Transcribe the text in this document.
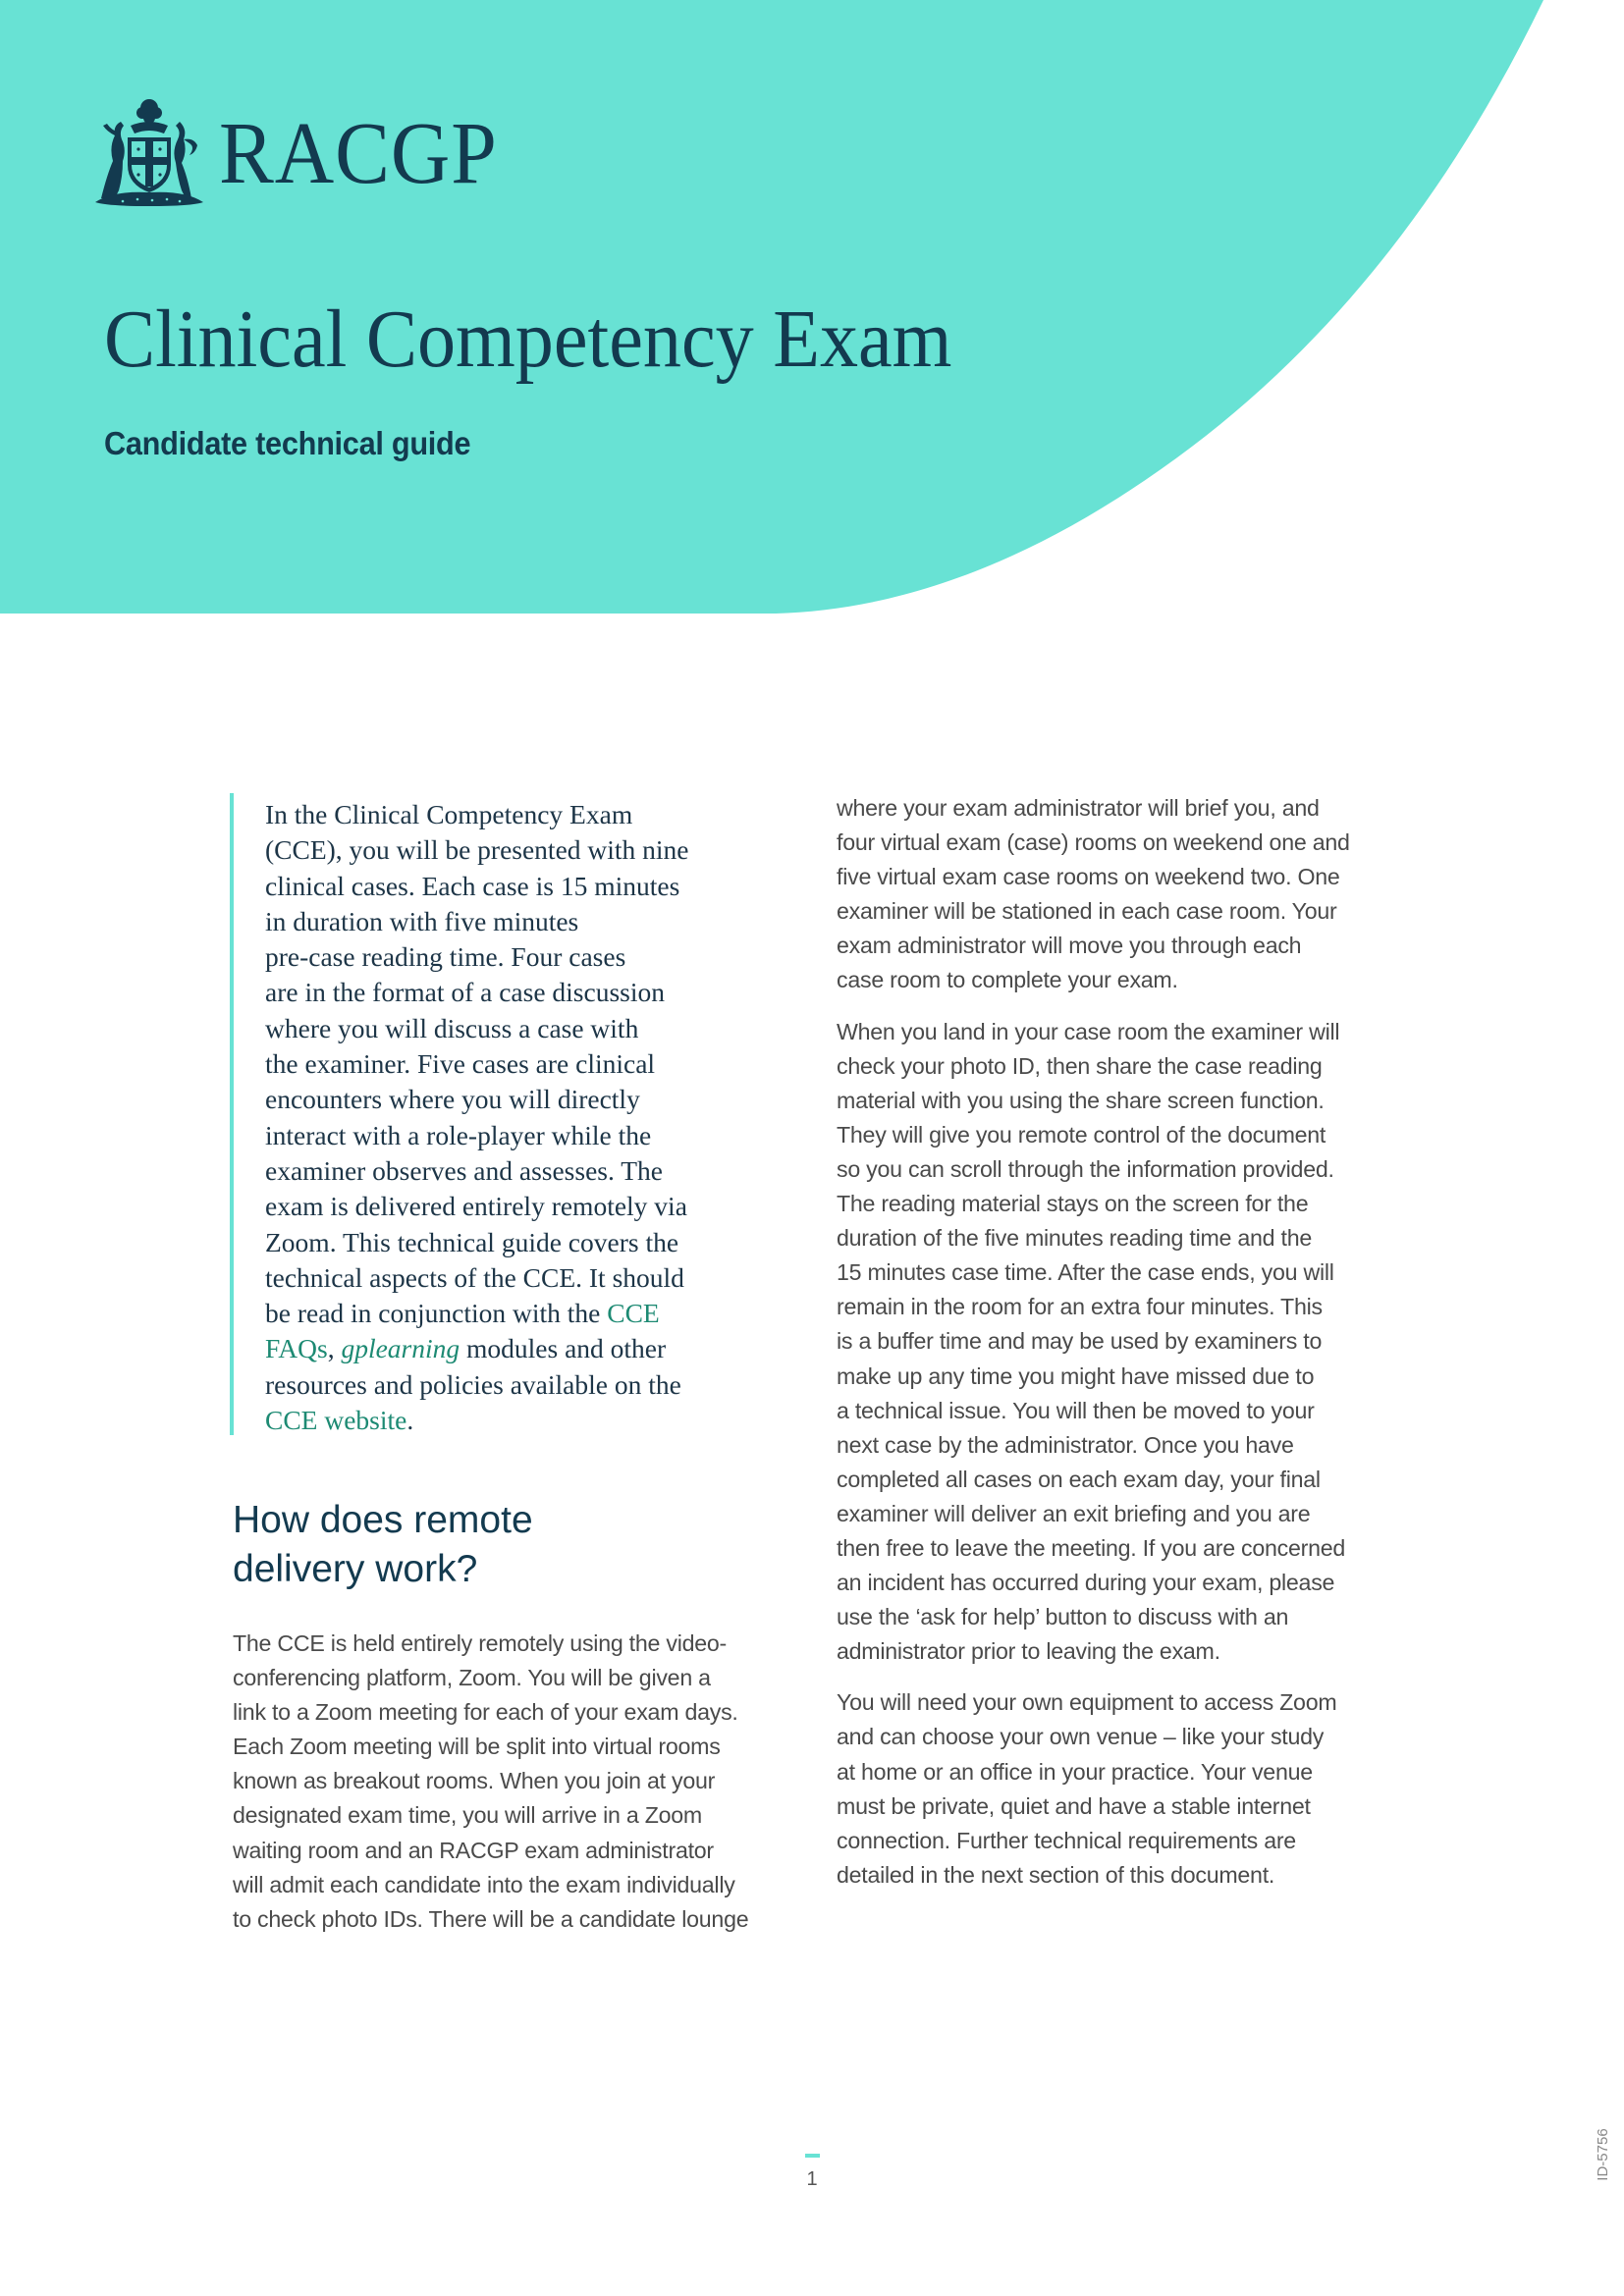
RACGP
Clinical Competency Exam
Candidate technical guide

In the Clinical Competency Exam
(CCE), you will be presented with nine
clinical cases. Each case is 15 minutes
in duration with five minutes
pre-case reading time. Four cases
are in the format of a case discussion
where you will discuss a case with
the examiner. Five cases are clinical
encounters where you will directly
interact with a role-player while the
examiner observes and assesses. The
exam is delivered entirely remotely via
Zoom. This technical guide covers the
technical aspects of the CCE. It should
be read in conjunction with the CCE
FAQs, gplearning modules and other
resources and policies available on the
CCE website.

How does remote
delivery work?

The CCE is held entirely remotely using the video-
conferencing platform, Zoom. You will be given a
link to a Zoom meeting for each of your exam days.
Each Zoom meeting will be split into virtual rooms
known as breakout rooms. When you join at your
designated exam time, you will arrive in a Zoom
waiting room and an RACGP exam administrator
will admit each candidate into the exam individually
to check photo IDs. There will be a candidate lounge

where your exam administrator will brief you, and
four virtual exam (case) rooms on weekend one and
five virtual exam case rooms on weekend two. One
examiner will be stationed in each case room. Your
exam administrator will move you through each
case room to complete your exam.

When you land in your case room the examiner will
check your photo ID, then share the case reading
material with you using the share screen function.
They will give you remote control of the document
so you can scroll through the information provided.
The reading material stays on the screen for the
duration of the five minutes reading time and the
15 minutes case time. After the case ends, you will
remain in the room for an extra four minutes. This
is a buffer time and may be used by examiners to
make up any time you might have missed due to
a technical issue. You will then be moved to your
next case by the administrator. Once you have
completed all cases on each exam day, your final
examiner will deliver an exit briefing and you are
then free to leave the meeting. If you are concerned
an incident has occurred during your exam, please
use the ‘ask for help’ button to discuss with an
administrator prior to leaving the exam.

You will need your own equipment to access Zoom
and can choose your own venue – like your study
at home or an office in your practice. Your venue
must be private, quiet and have a stable internet
connection. Further technical requirements are
detailed in the next section of this document.

1	ID-5756
